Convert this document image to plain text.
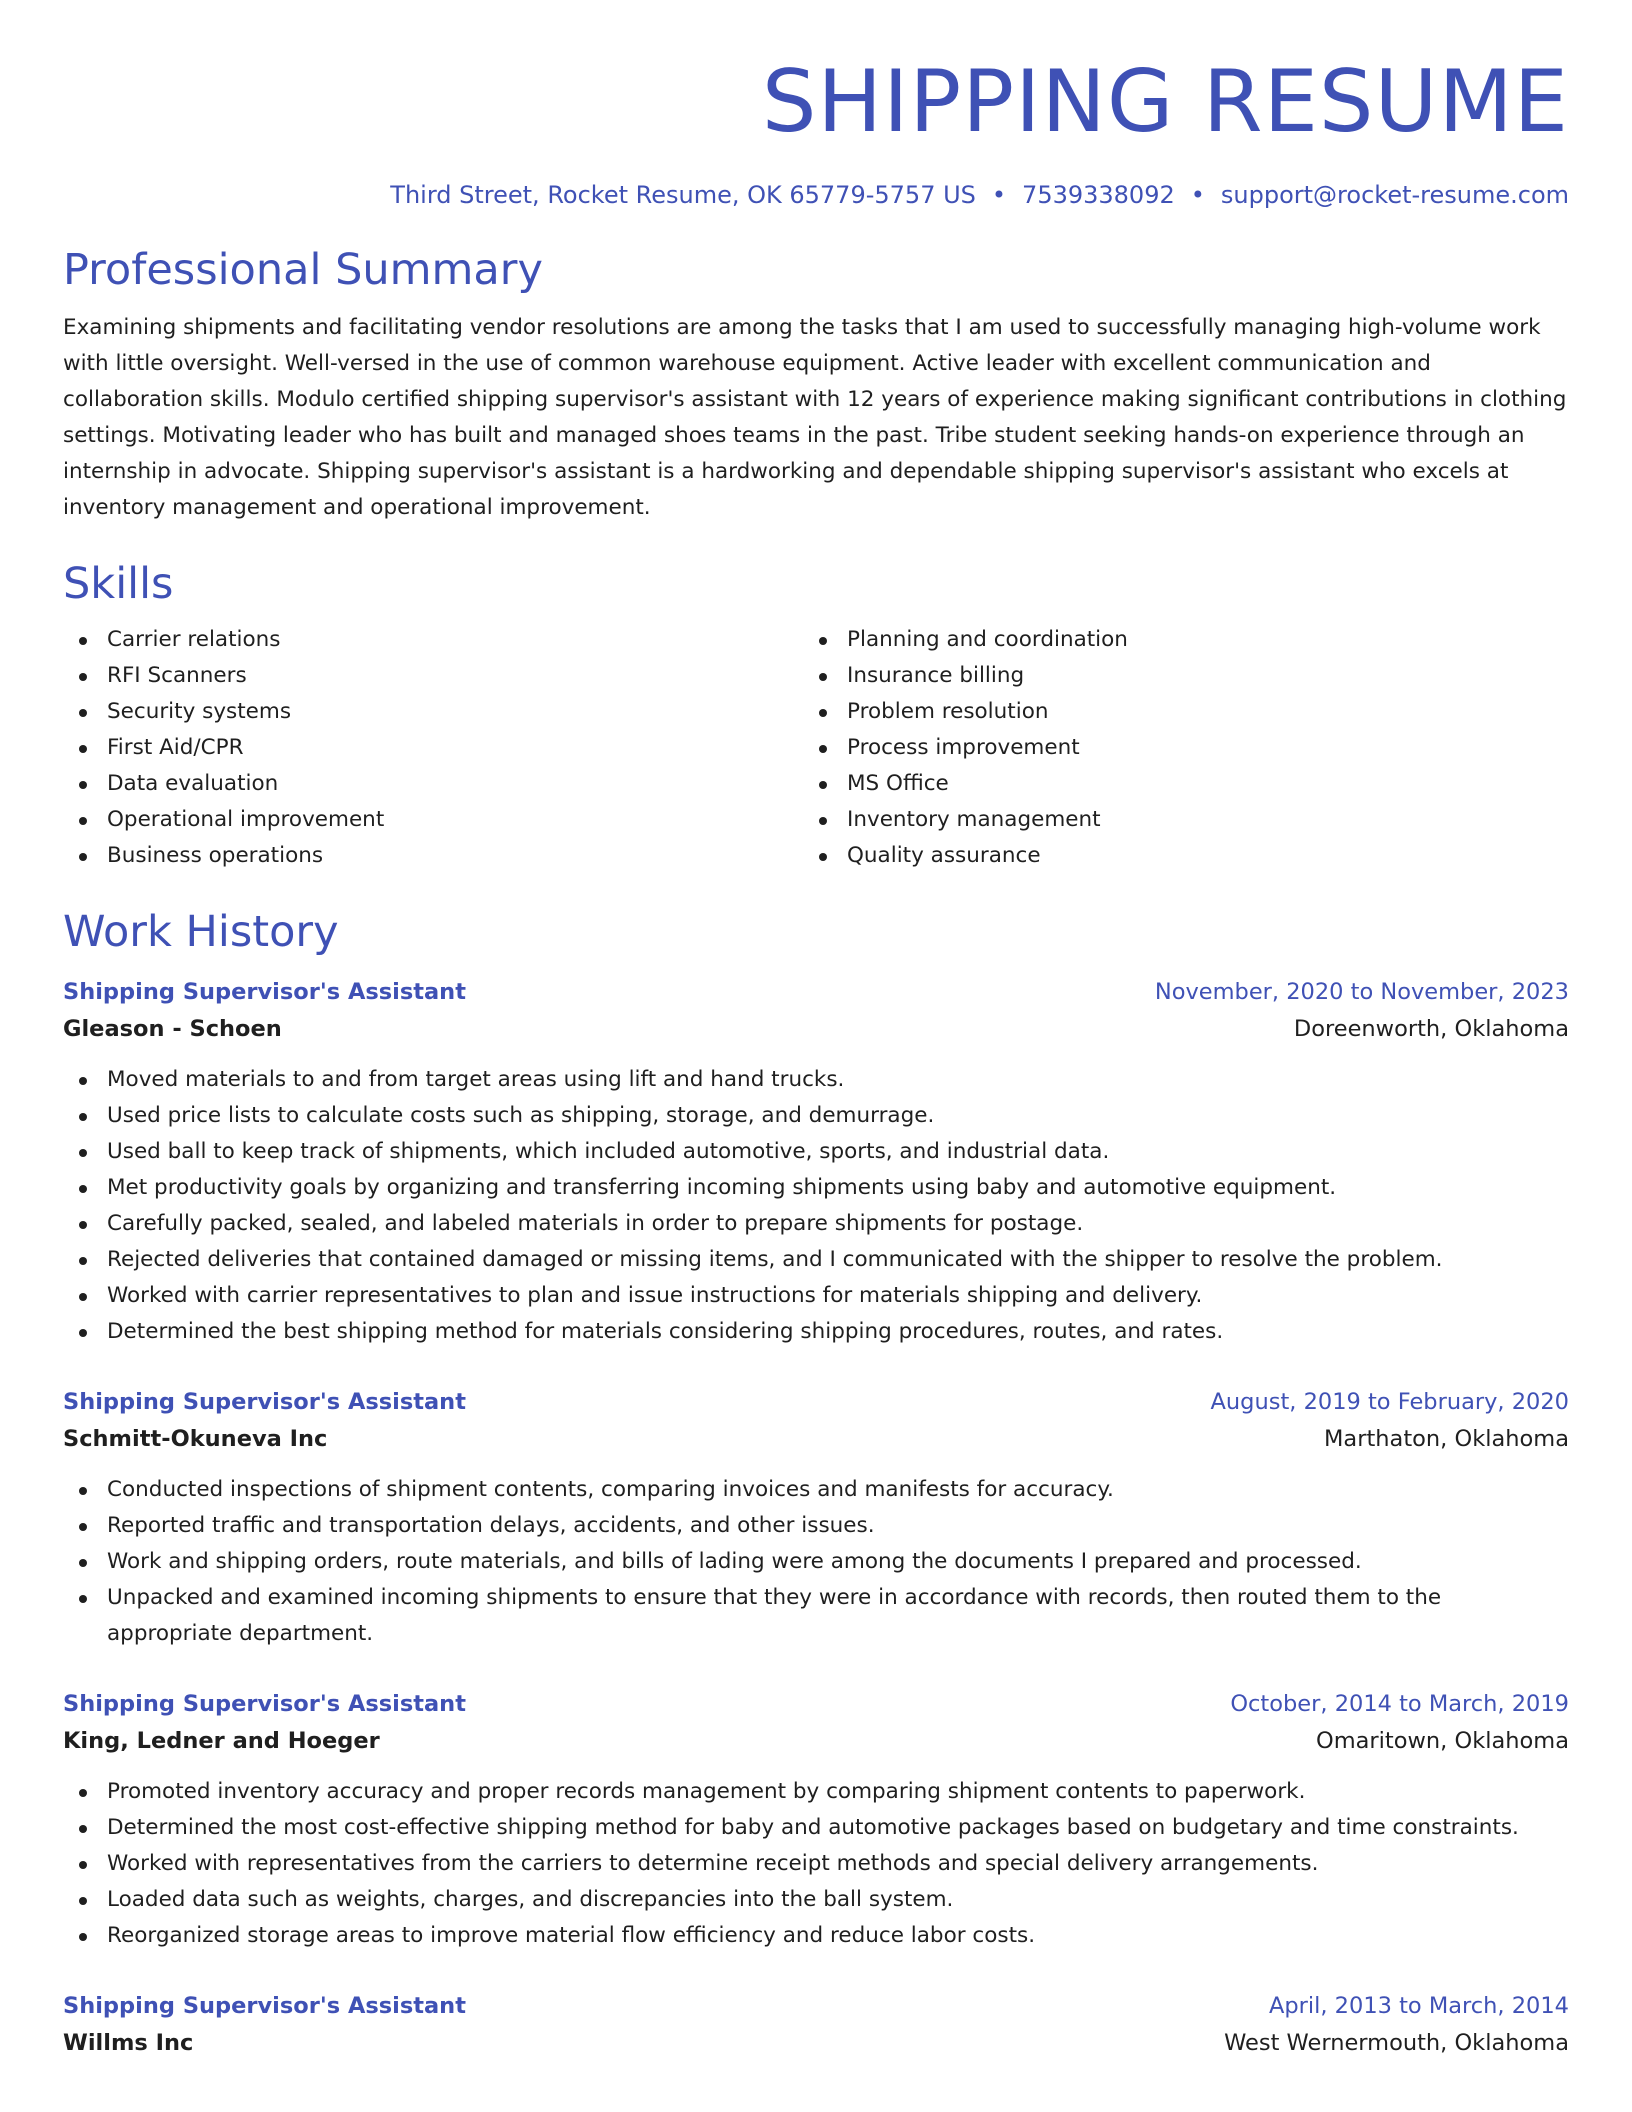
SHIPPING RESUME
Third Street, Rocket Resume, OK 65779-5757 US • 7539338092 • support@rocket-resume.com
Professional Summary
Examining shipments and facilitating vendor resolutions are among the tasks that I am used to successfully managing high-volume work with little oversight. Well-versed in the use of common warehouse equipment. Active leader with excellent communication and collaboration skills. Modulo certified shipping supervisor's assistant with 12 years of experience making significant contributions in clothing settings. Motivating leader who has built and managed shoes teams in the past. Tribe student seeking hands-on experience through an internship in advocate. Shipping supervisor's assistant is a hardworking and dependable shipping supervisor's assistant who excels at inventory management and operational improvement.
Skills
Carrier relations
RFI Scanners
Security systems
First Aid/CPR
Data evaluation
Operational improvement
Business operations
Planning and coordination
Insurance billing
Problem resolution
Process improvement
MS Office
Inventory management
Quality assurance
Work History
Shipping Supervisor's Assistant	November, 2020 to November, 2023
Gleason - Schoen	Doreenworth, Oklahoma
Moved materials to and from target areas using lift and hand trucks.
Used price lists to calculate costs such as shipping, storage, and demurrage.
Used ball to keep track of shipments, which included automotive, sports, and industrial data.
Met productivity goals by organizing and transferring incoming shipments using baby and automotive equipment.
Carefully packed, sealed, and labeled materials in order to prepare shipments for postage.
Rejected deliveries that contained damaged or missing items, and I communicated with the shipper to resolve the problem.
Worked with carrier representatives to plan and issue instructions for materials shipping and delivery.
Determined the best shipping method for materials considering shipping procedures, routes, and rates.
Shipping Supervisor's Assistant	August, 2019 to February, 2020
Schmitt-Okuneva Inc	Marthaton, Oklahoma
Conducted inspections of shipment contents, comparing invoices and manifests for accuracy.
Reported traffic and transportation delays, accidents, and other issues.
Work and shipping orders, route materials, and bills of lading were among the documents I prepared and processed.
Unpacked and examined incoming shipments to ensure that they were in accordance with records, then routed them to the appropriate department.
Shipping Supervisor's Assistant	October, 2014 to March, 2019
King, Ledner and Hoeger	Omaritown, Oklahoma
Promoted inventory accuracy and proper records management by comparing shipment contents to paperwork.
Determined the most cost-effective shipping method for baby and automotive packages based on budgetary and time constraints.
Worked with representatives from the carriers to determine receipt methods and special delivery arrangements.
Loaded data such as weights, charges, and discrepancies into the ball system.
Reorganized storage areas to improve material flow efficiency and reduce labor costs.
Shipping Supervisor's Assistant	April, 2013 to March, 2014
Willms Inc	West Wernermouth, Oklahoma
